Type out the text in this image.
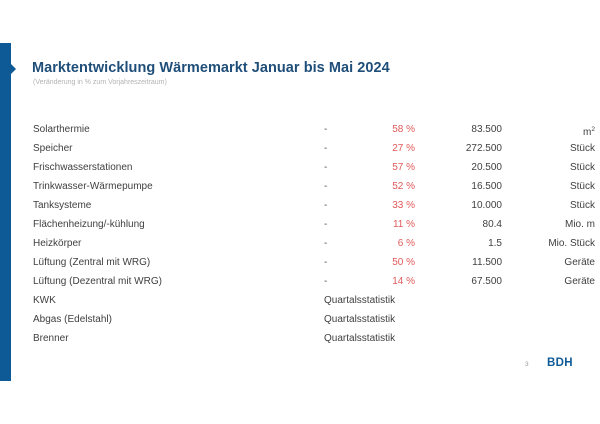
Marktentwicklung Wärmemarkt Januar bis Mai 2024
(Veränderung in % zum Vorjahreszeitraum)
Solarthermie	-	58 %	83.500	$m^2$
Speicher	-	27 %	272.500	Stück
Frischwasserstationen	-	57 %	20.500	Stück
Trinkwasser-Wärmepumpe	-	52 %	16.500	Stück
Tanksysteme	-	33 %	10.000	Stück
Flächenheizung/-kühlung	-	11 %	80.4	Mio. m
Heizkörper	-	6 %	1.5	Mio. Stück
Lüftung (Zentral mit WRG)	-	50 %	11.500	Geräte
Lüftung (Dezentral mit WRG)	-	14 %	67.500	Geräte
KWK	Quartalsstatistik
Abgas (Edelstahl)	Quartalsstatistik
Brenner	Quartalsstatistik
3 BDH
